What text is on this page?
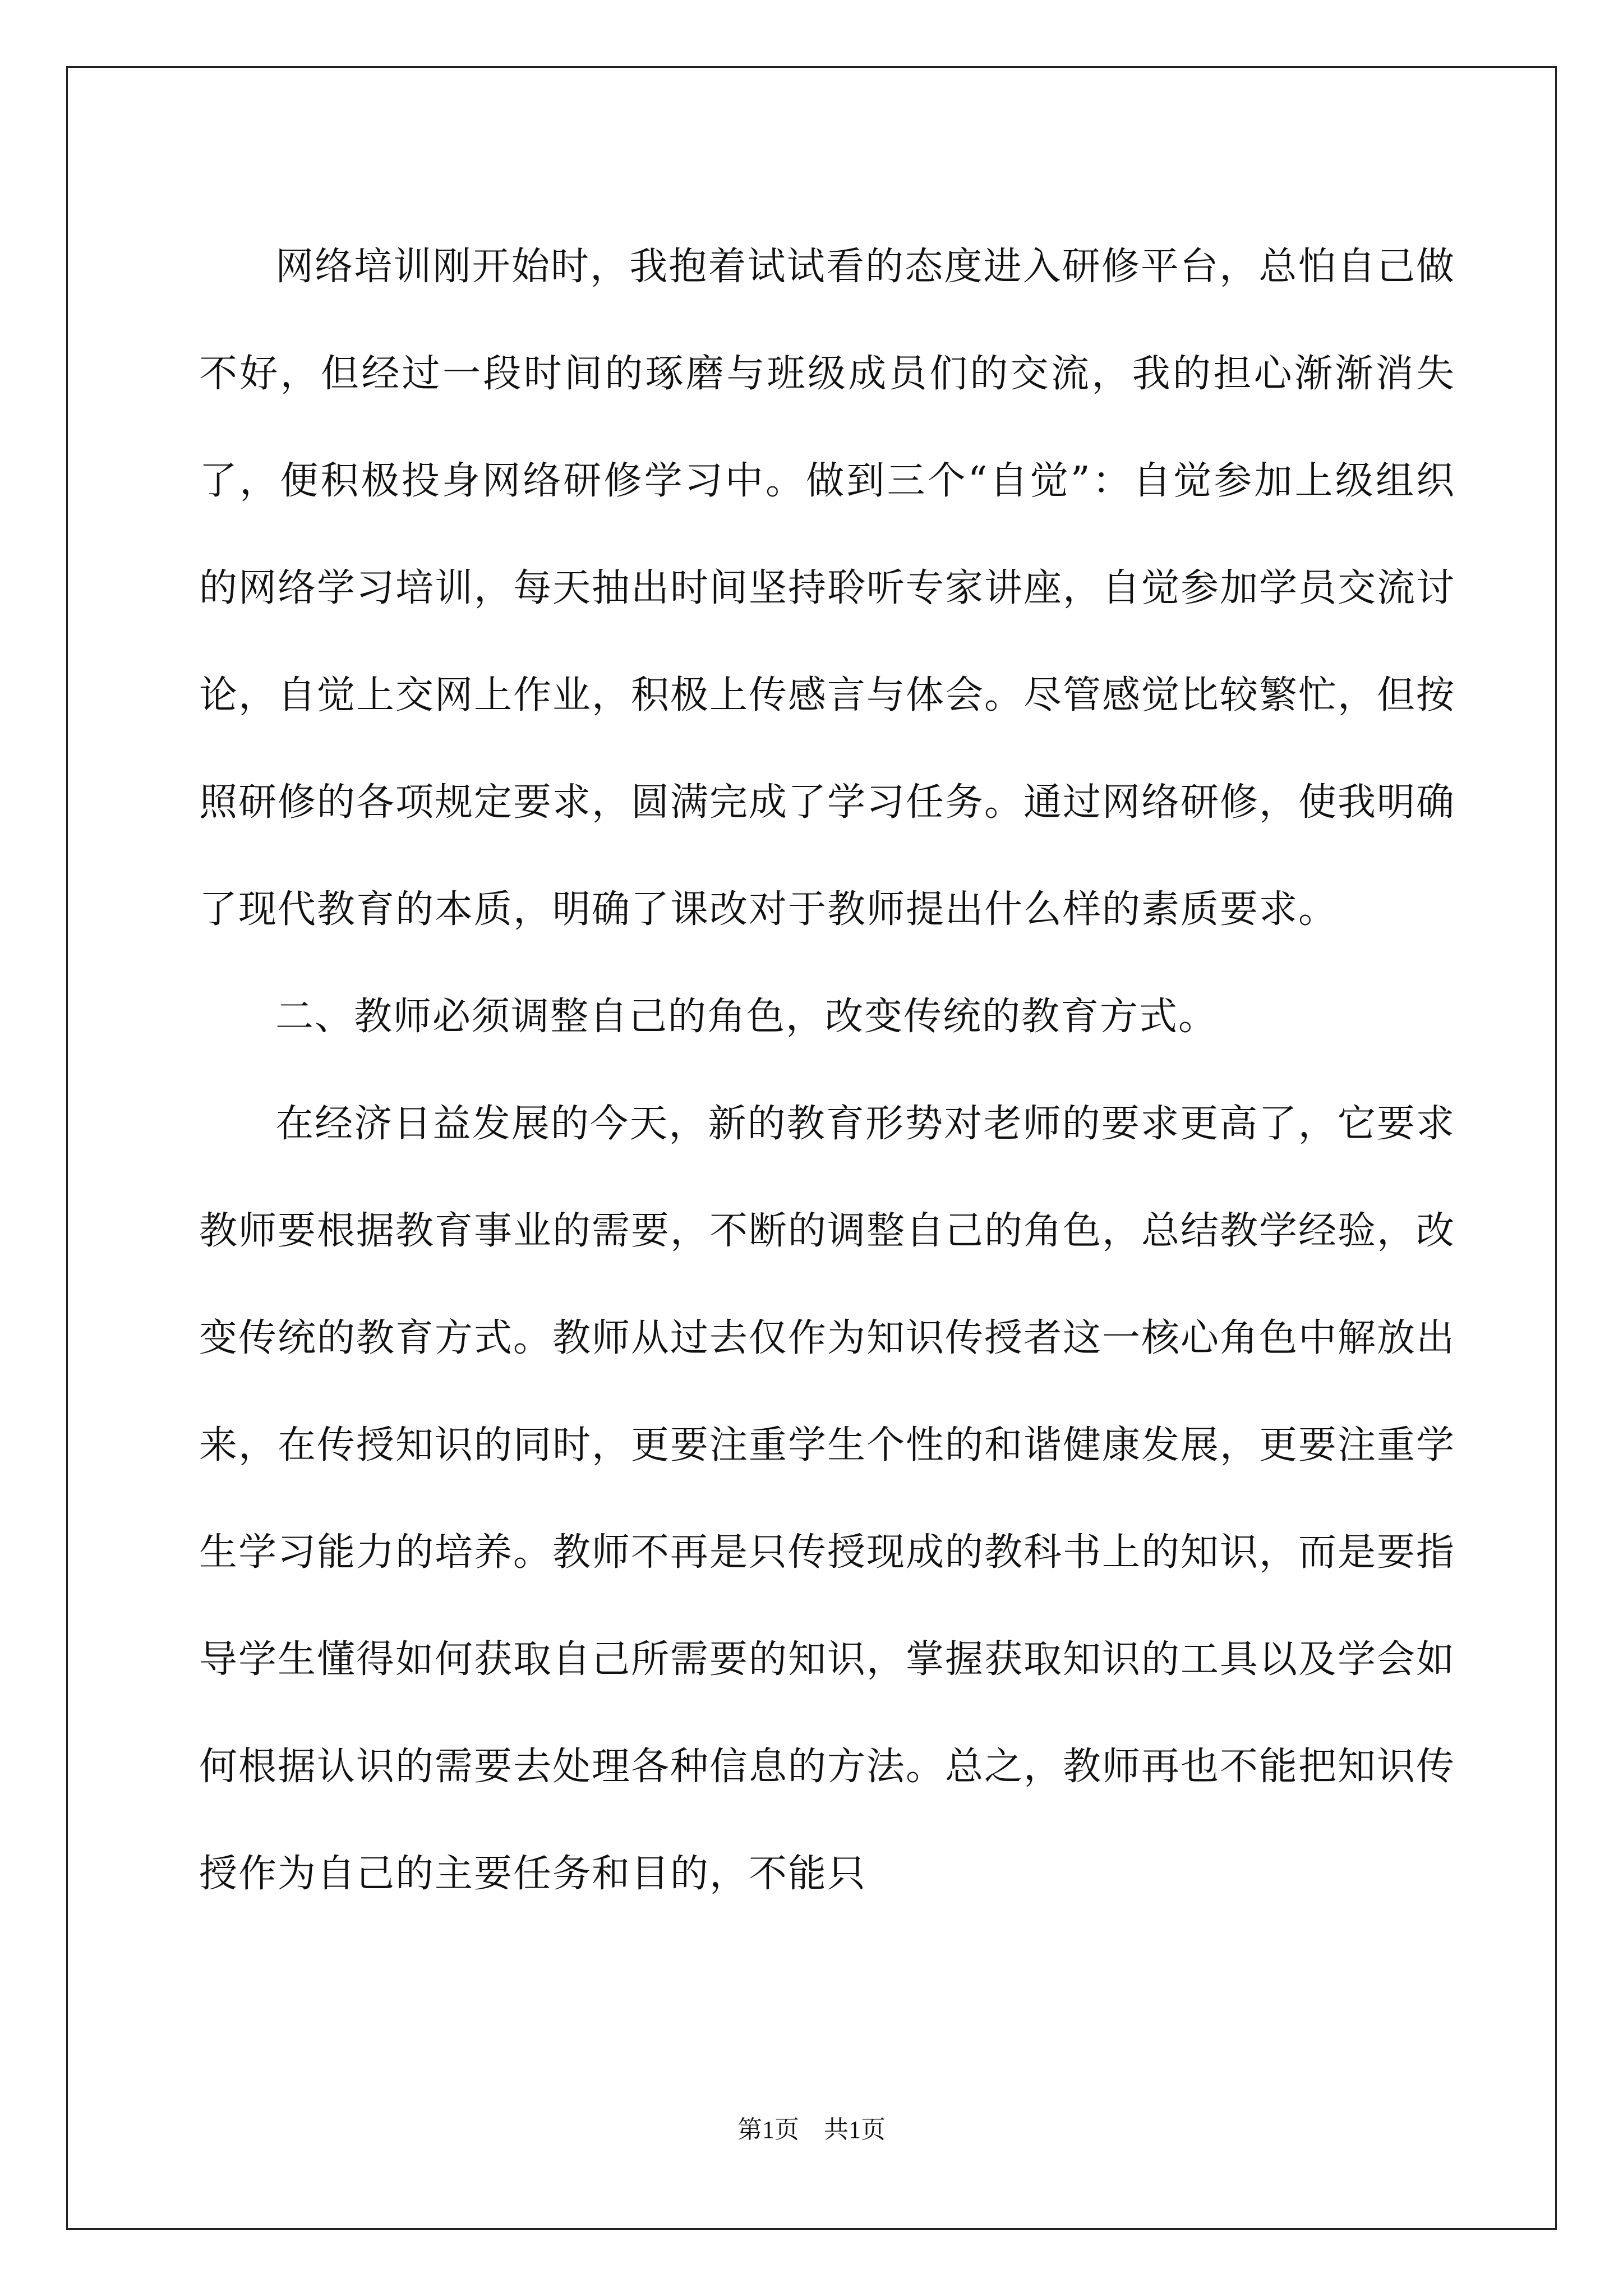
网络培训刚开始时，我抱着试试看的态度进入研修平台，总怕自己做不好，但经过一段时间的琢磨与班级成员们的交流，我的担心渐渐消失了，便积极投身网络研修学习中。做到三个“自觉”：自觉参加上级组织的网络学习培训，每天抽出时间坚持聆听专家讲座，自觉参加学员交流讨论，自觉上交网上作业，积极上传感言与体会。尽管感觉比较繁忙，但按照研修的各项规定要求，圆满完成了学习任务。通过网络研修，使我明确了现代教育的本质，明确了课改对于教师提出什么样的素质要求。

二、教师必须调整自己的角色，改变传统的教育方式。

在经济日益发展的今天，新的教育形势对老师的要求更高了，它要求教师要根据教育事业的需要，不断的调整自己的角色，总结教学经验，改变传统的教育方式。教师从过去仅作为知识传授者这一核心角色中解放出来，在传授知识的同时，更要注重学生个性的和谐健康发展，更要注重学生学习能力的培养。教师不再是只传授现成的教科书上的知识，而是要指导学生懂得如何获取自己所需要的知识，掌握获取知识的工具以及学会如何根据认识的需要去处理各种信息的方法。总之，教师再也不能把知识传授作为自己的主要任务和目的，不能只

第1页　共1页
